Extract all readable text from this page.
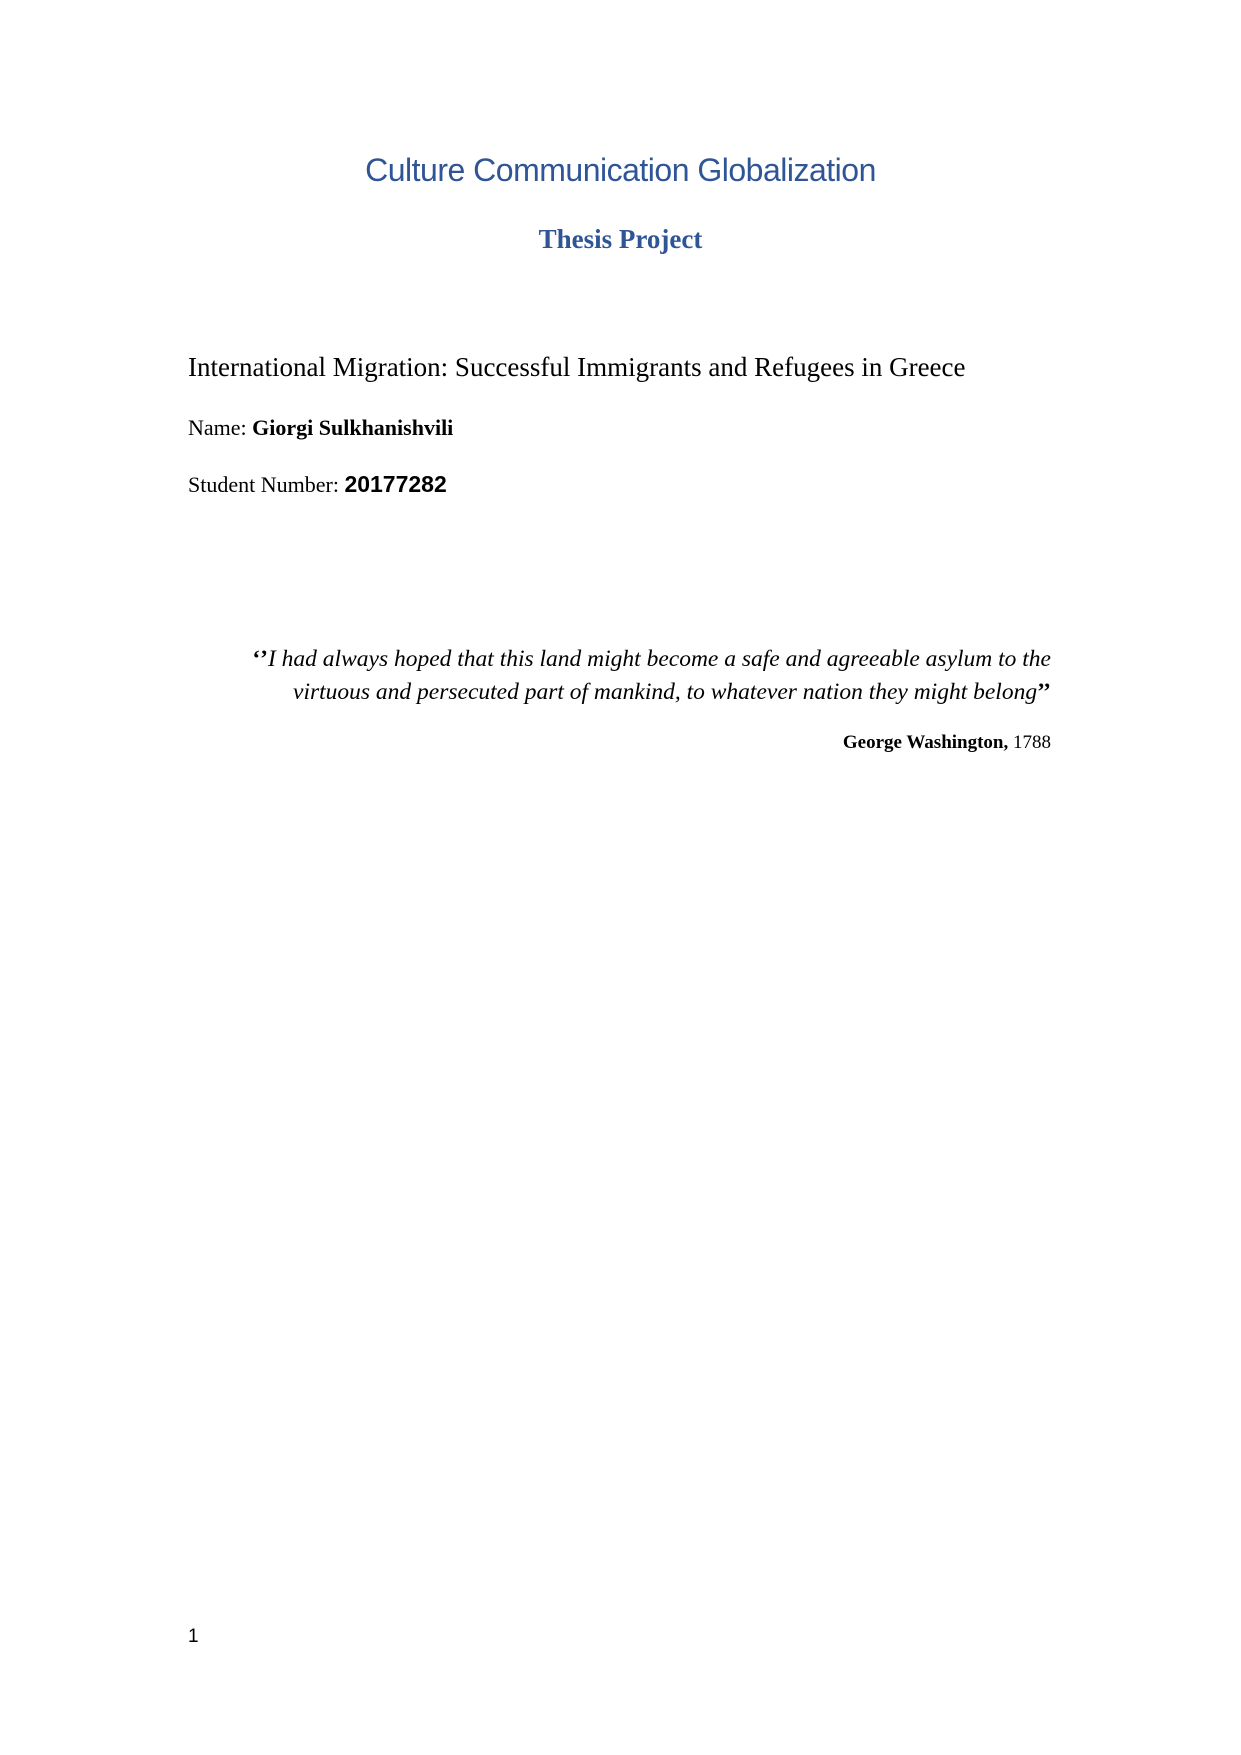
Culture Communication Globalization
Thesis Project
International Migration: Successful Immigrants and Refugees in Greece
Name: Giorgi Sulkhanishvili
Student Number: 20177282
‘’I had always hoped that this land might become a safe and agreeable asylum to the
virtuous and persecuted part of mankind, to whatever nation they might belong’’
George Washington, 1788
1
